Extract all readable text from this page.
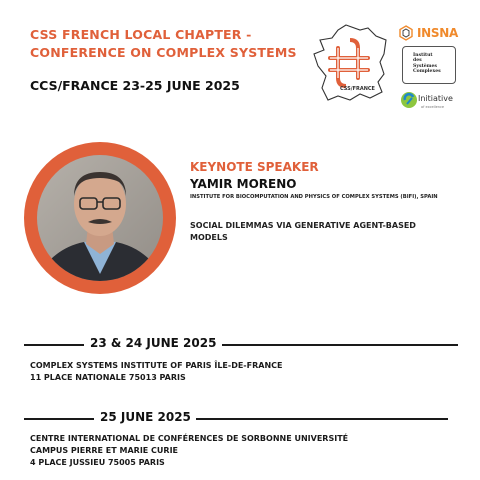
CSS FRENCH LOCAL CHAPTER -
CONFERENCE ON COMPLEX SYSTEMS
CCS/FRANCE 23-25 JUNE 2025	CSS/FRANCE
INSNA
Institut
des
Systèmes
Complexes
Initiative
of excellence
KEYNOTE SPEAKER
YAMIR MORENO
INSTITUTE FOR BIOCOMPUTATION AND PHYSICS OF COMPLEX SYSTEMS (BIFI), SPAIN
SOCIAL DILEMMAS VIA GENERATIVE AGENT-BASED
MODELS
23 & 24 JUNE 2025
COMPLEX SYSTEMS INSTITUTE OF PARIS ÎLE-DE-FRANCE
11 PLACE NATIONALE 75013 PARIS
25 JUNE 2025
CENTRE INTERNATIONAL DE CONFÉRENCES DE SORBONNE UNIVERSITÉ
CAMPUS PIERRE ET MARIE CURIE
4 PLACE JUSSIEU 75005 PARIS
